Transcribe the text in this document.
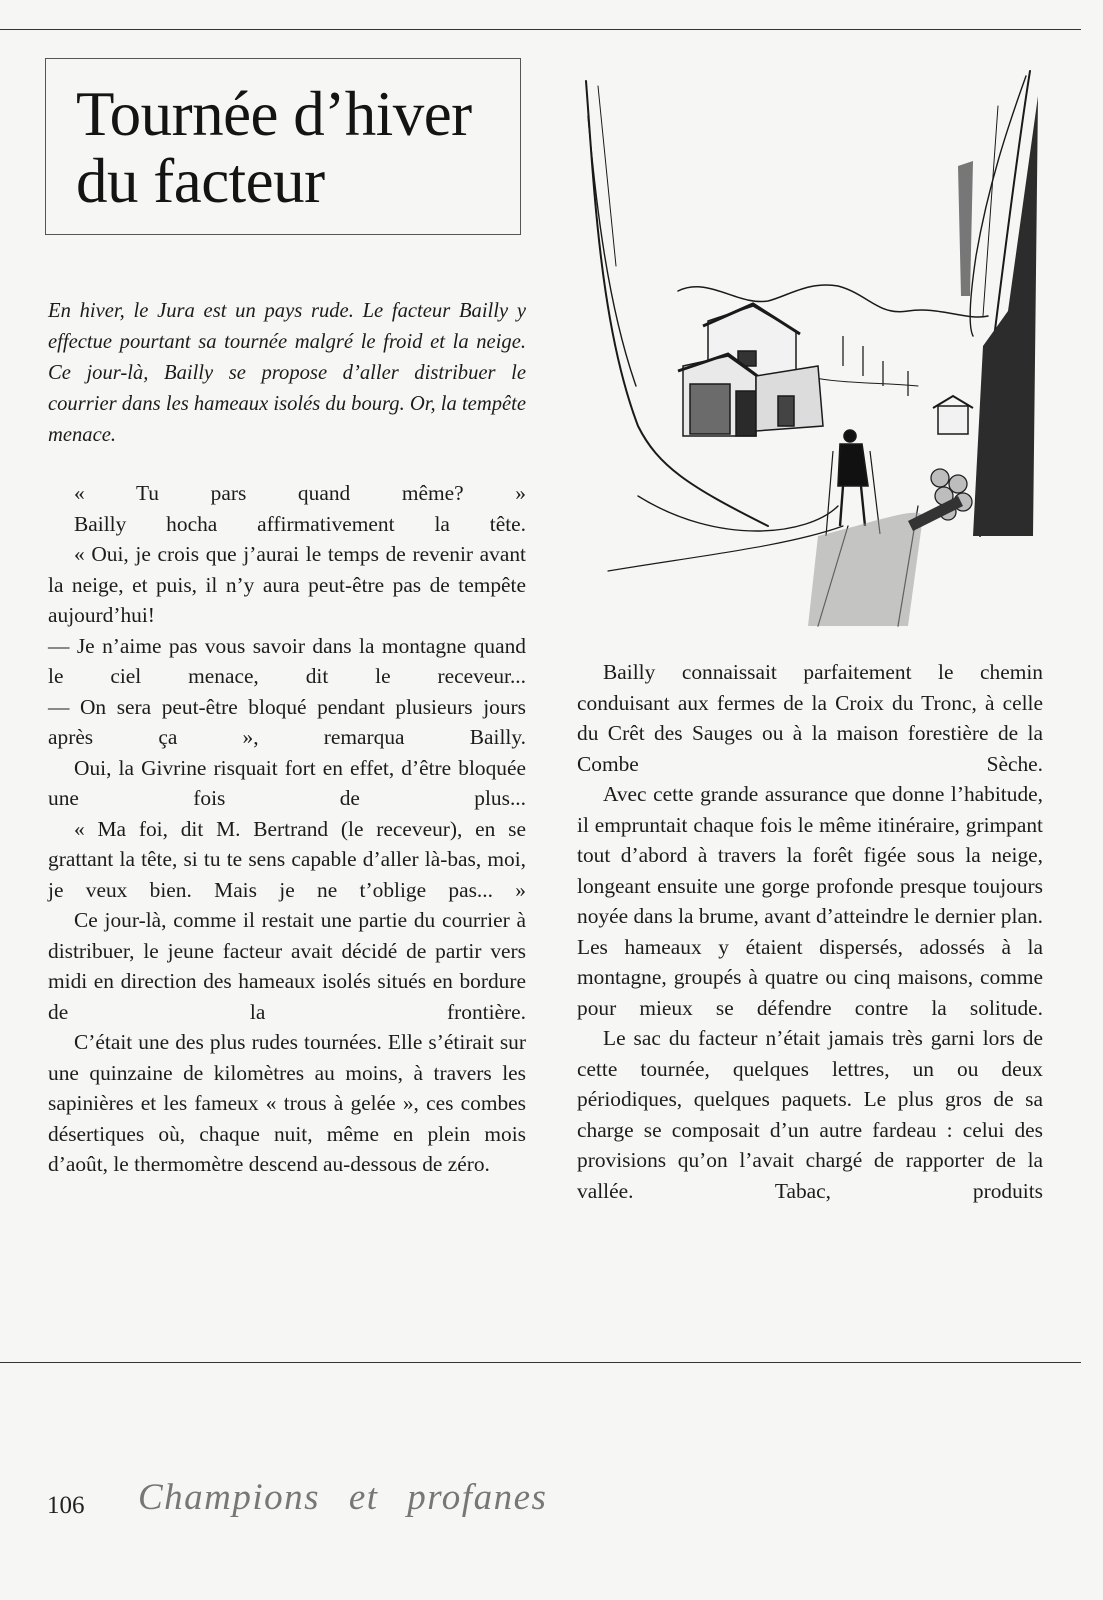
Tournée d’hiver
du facteur

En hiver, le Jura est un pays rude. Le facteur Bailly y effectue pourtant sa tournée malgré le froid et la neige. Ce jour-là, Bailly se propose d’aller distribuer le courrier dans les hameaux isolés du bourg. Or, la tempête menace.

« Tu pars quand même? »

Bailly hocha affirmativement la tête.

« Oui, je crois que j’aurai le temps de revenir avant la neige, et puis, il n’y aura peut-être pas de tempête aujourd’hui!

— Je n’aime pas vous savoir dans la montagne quand le ciel menace, dit le receveur...

— On sera peut-être bloqué pendant plusieurs jours après ça », remarqua Bailly.

Oui, la Givrine risquait fort en effet, d’être bloquée une fois de plus...

« Ma foi, dit M. Bertrand (le receveur), en se grattant la tête, si tu te sens capable d’aller là-bas, moi, je veux bien. Mais je ne t’oblige pas... »

Ce jour-là, comme il restait une partie du courrier à distribuer, le jeune facteur avait décidé de partir vers midi en direction des hameaux isolés situés en bordure de la frontière.

C’était une des plus rudes tournées. Elle s’étirait sur une quinzaine de kilomètres au moins, à travers les sapinières et les fameux « trous à gelée », ces combes désertiques où, chaque nuit, même en plein mois d’août, le thermomètre descend au-dessous de zéro.

Bailly connaissait parfaitement le chemin conduisant aux fermes de la Croix du Tronc, à celle du Crêt des Sauges ou à la maison forestière de la Combe Sèche.

Avec cette grande assurance que donne l’habitude, il empruntait chaque fois le même itinéraire, grimpant tout d’abord à travers la forêt figée sous la neige, longeant ensuite une gorge profonde presque toujours noyée dans la brume, avant d’atteindre le dernier plan. Les hameaux y étaient dispersés, adossés à la montagne, groupés à quatre ou cinq maisons, comme pour mieux se défendre contre la solitude.

Le sac du facteur n’était jamais très garni lors de cette tournée, quelques lettres, un ou deux périodiques, quelques paquets. Le plus gros de sa charge se composait d’un autre fardeau : celui des provisions qu’on l’avait chargé de rapporter de la vallée. Tabac, produits

106 Champions et profanes
